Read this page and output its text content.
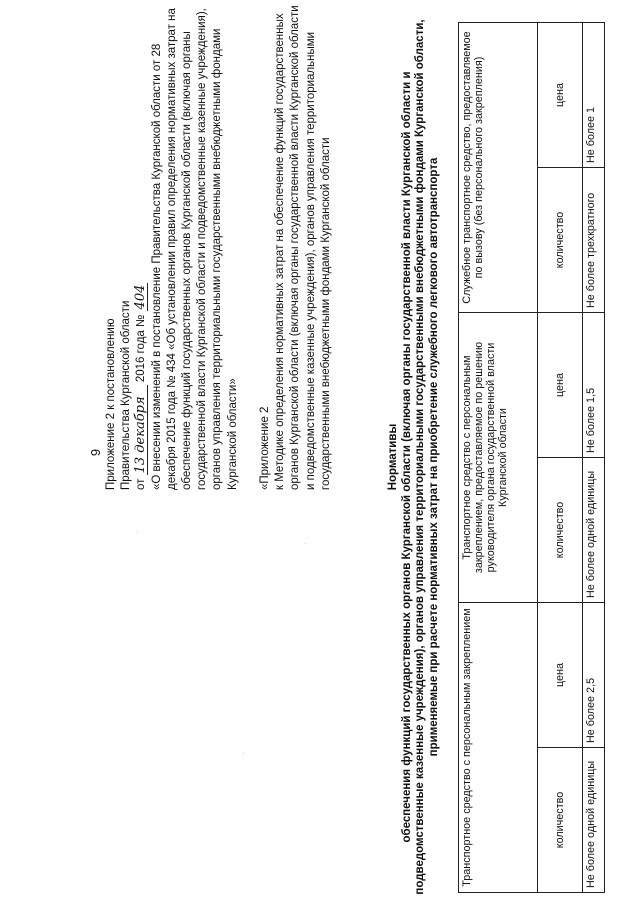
9 Приложение 2 к постановлению Правительства Курганской области от 13 декабря 2016 года № 404 «О внесении изменений в постановление Правительства Курганской области от 28 декабря 2015 года № 434 «Об установлении правил определения нормативных затрат на обеспечение функций государственных органов Курганской области (включая органы государственной власти Курганской области и подведомственные казенные учреждения), органов управления территориальными государственными внебюджетными фондами Курганской области» «Приложение 2 к Методике определения нормативных затрат на обеспечение функций государственных органов Курганской области (включая органы государственной власти Курганской области и подведомственные казенные учреждения), органов управления территориальными государственными внебюджетными фондами Курганской области	Нормативы обеспечения функций государственных органов Курганской области (включая органы государственной власти Курганской области и подведомственные казенные учреждения), органов управления территориальными государственными внебюджетными фондами Курганской области, применяемые при расчете нормативных затрат на приобретение служебного легкового автотранспорта Транспортное средство с персональным закреплением		Транспортное средство с персональным закреплением, предоставляемое по решению руководителя органа государственной власти Курганской области		Служебное транспортное средство, предоставляемое по вызову (без персонального закрепления)	
количество	цена	количество	цена	количество	цена
Не более одной единицы	Не более 2,5	Не более одной единицы	Не более 1,5	Не более трехкратного	Не более 1
·
·
·
